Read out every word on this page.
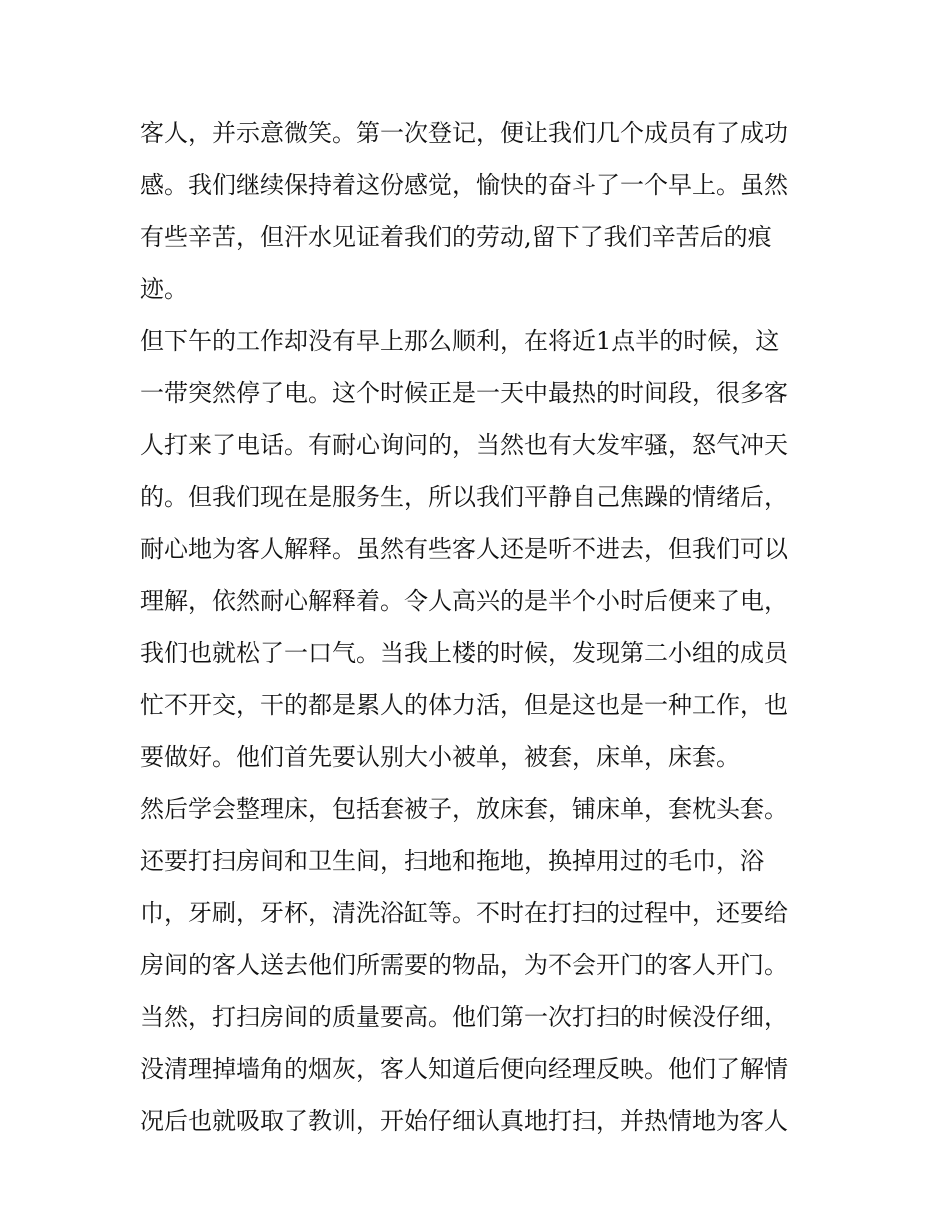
客人，并示意微笑。第一次登记，便让我们几个成员有了成功
感。我们继续保持着这份感觉，愉快的奋斗了一个早上。虽然
有些辛苦，但汗水见证着我们的劳动,留下了我们辛苦后的痕
迹。
但下午的工作却没有早上那么顺利，在将近1点半的时候，这
一带突然停了电。这个时候正是一天中最热的时间段，很多客
人打来了电话。有耐心询问的，当然也有大发牢骚，怒气冲天
的。但我们现在是服务生，所以我们平静自己焦躁的情绪后，
耐心地为客人解释。虽然有些客人还是听不进去，但我们可以
理解，依然耐心解释着。令人高兴的是半个小时后便来了电，
我们也就松了一口气。当我上楼的时候，发现第二小组的成员
忙不开交，干的都是累人的体力活，但是这也是一种工作，也
要做好。他们首先要认别大小被单，被套，床单，床套。
然后学会整理床，包括套被子，放床套，铺床单，套枕头套。
还要打扫房间和卫生间，扫地和拖地，换掉用过的毛巾，浴
巾，牙刷，牙杯，清洗浴缸等。不时在打扫的过程中，还要给
房间的客人送去他们所需要的物品，为不会开门的客人开门。
当然，打扫房间的质量要高。他们第一次打扫的时候没仔细，
没清理掉墙角的烟灰，客人知道后便向经理反映。他们了解情
况后也就吸取了教训，开始仔细认真地打扫，并热情地为客人
